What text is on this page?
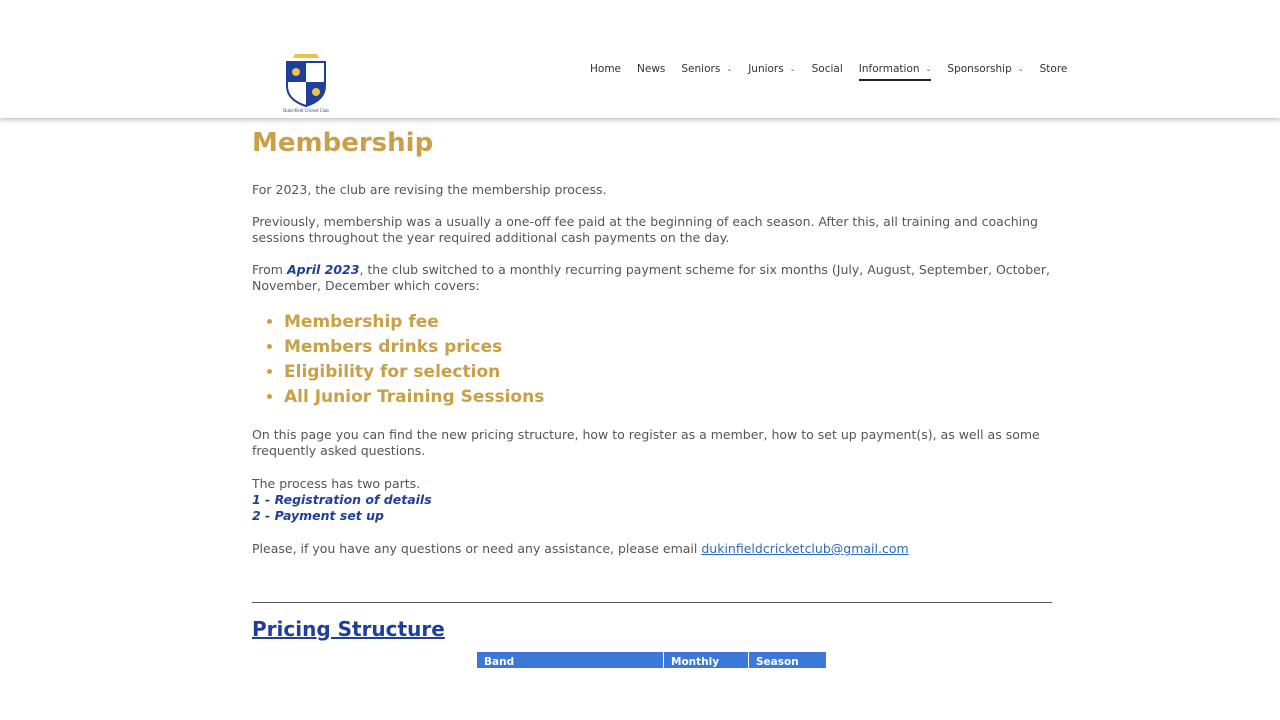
Dukinfield Cricket Club
Home News Seniors ⌄ Juniors ⌄ Social Information ⌄ Sponsorship ⌄ Store
Membership

For 2023, the club are revising the membership process.

Previously, membership was a usually a one-off fee paid at the beginning of each season. After this, all training and coaching sessions throughout the year required additional cash payments on the day.

From April 2023, the club switched to a monthly recurring payment scheme for six months (July, August, September, October, November, December which covers:

• Membership fee
• Members drinks prices
• Eligibility for selection
• All Junior Training Sessions

On this page you can find the new pricing structure, how to register as a member, how to set up payment(s), as well as some frequently asked questions.

The process has two parts.
1 - Registration of details
2 - Payment set up

Please, if you have any questions or need any assistance, please email dukinfieldcricketclub@gmail.com

Pricing Structure
Band	Monthly Cost
Season Cost
